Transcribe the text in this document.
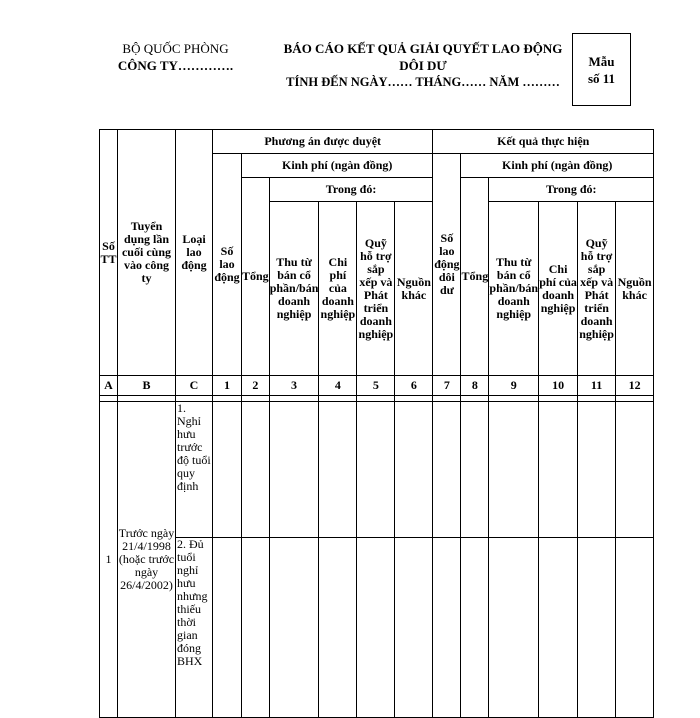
BỘ QUỐC PHÒNG
CÔNG TY………….
BÁO CÁO KẾT QUẢ GIẢI QUYẾT LAO ĐỘNG DÔI DƯ
TÍNH ĐẾN NGÀY…… THÁNG…… NĂM ………
Mẫu
số 11
Số TT	Tuyển dụng lần cuối cùng vào công ty	Loại lao động	Phương án được duyệt						Kết quả thực hiện					
			Số lao động	Kinh phí (ngàn đồng)					Số lao động dôi dư	Kinh phí (ngàn đồng)				
				Tổng	Trong đó:					Tổng	Trong đó:			
					Thu từ bán cổ phần/bán doanh nghiệp	Chi phí của doanh nghiệp	Quỹ hỗ trợ sắp xếp và Phát triển doanh nghiệp	Nguồn khác			Thu từ bán cổ phần/bán doanh nghiệp	Chi phí của doanh nghiệp	Quỹ hỗ trợ sắp xếp và Phát triển doanh nghiệp	Nguồn khác
A	B	C	1	2	3	4	5	6	7	8	9	10	11	12

1	Trước ngày 21/4/1998 (hoặc trước ngày 26/4/2002)	1. Nghỉ hưu trước độ tuổi quy định												
		2. Đủ tuổi nghỉ hưu nhưng thiếu thời gian đóng BHX												
